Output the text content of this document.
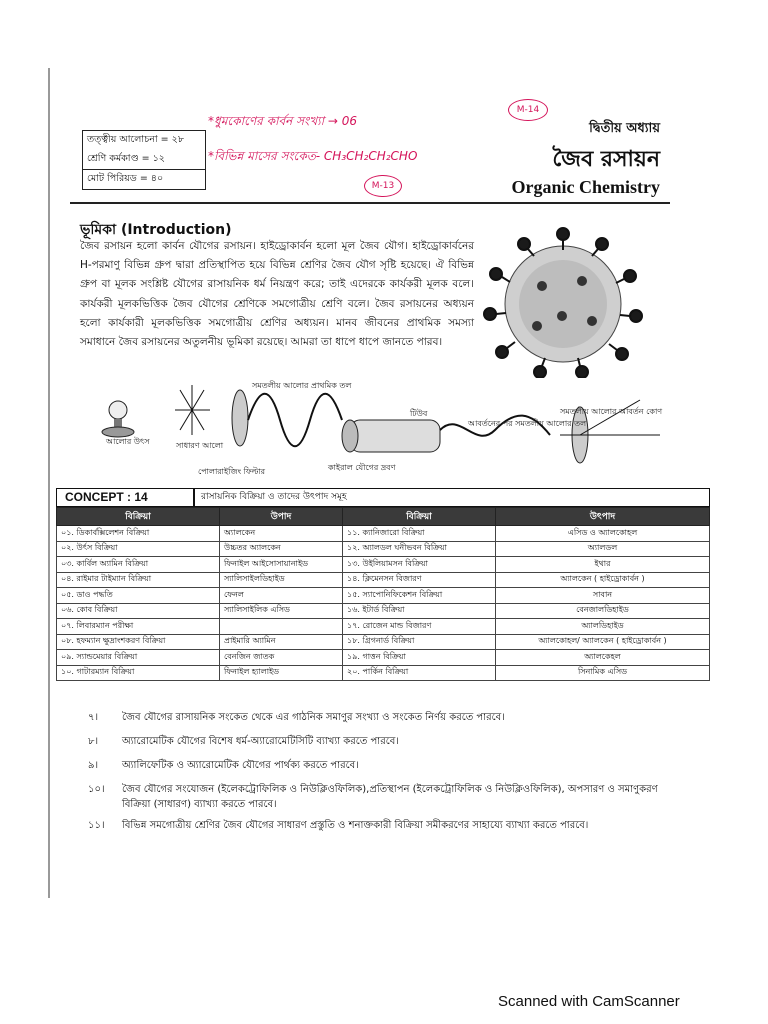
তত্ত্বীয় আলোচনা = ২৮
শ্রেণি কর্মকাণ্ড = ১২
মোট পিরিয়ড = ৪০
*ধুমকোণের কার্বন সংখ্যা → 06
*বিভিন্ন মাসের সংকেত- CH₃CH₂CH₂CHO
M-14
M-13
দ্বিতীয় অধ্যায়
জৈব রসায়ন
Organic Chemistry
ভূমিকা (Introduction)
জৈব রসায়ন হলো কার্বন যৌগের রসায়ন। হাইড্রোকার্বন হলো মূল জৈব যৌগ। হাইড্রোকার্বনের H-পরমাণু বিভিন্ন গ্রুপ দ্বারা প্রতিস্থাপিত হয়ে বিভিন্ন শ্রেণির জৈব যৌগ সৃষ্টি হয়েছে। ঐ বিভিন্ন গ্রুপ বা মূলক সংশ্লিষ্ট যৌগের রাসায়নিক ধর্ম নিয়ন্ত্রণ করে; তাই এদেরকে কার্যকরী মূলক বলে। কার্যকরী মূলকভিত্তিক জৈব যৌগের শ্রেণিকে সমগোত্রীয় শ্রেণি বলে। জৈব রসায়নের অধ্যয়ন হলো কার্যকারী মূলকভিত্তিক সমগোত্রীয় শ্রেণির অধ্যয়ন। মানব জীবনের প্রাথমিক সমস্যা সমাধানে জৈব রসায়নের অতুলনীয় ভূমিকা রয়েছে। আমরা তা ধাপে ধাপে জানতে পারব।
আলোর উৎস	সাধারণ আলো
পোলারাইজিং ফিল্টার
সমতলীয় আলোর প্রাথমিক তল
টিউব
কাইরাল যৌগের দ্রবণ
আবর্তনের পর সমতলীয় আলোর তল
সমতলীয় আলোর আবর্তন কোণ
CONCEPT : 14	রাসায়নিক বিক্রিয়া ও তাদের উৎপাদ সমূহ
বিক্রিয়া	উপাদ	বিক্রিয়া	উৎপাদ
০১. ডিকার্বক্সিলেশন বিক্রিয়া	অ্যালকেন	১১. ক্যানিজারো বিক্রিয়া	এসিড ও অ্যালকোহল
০২. উর্ৎস বিক্রিয়া	উচ্চতর অ্যালকেন	১২. অ্যালডল ঘনীভবন বিক্রিয়া	অ্যালডল
০৩. কার্বিল অ্যামিন বিক্রিয়া	ফিনাইল আইসোসায়ানাইড	১৩. উইলিয়ামসন বিক্রিয়া	ইথার
০৪. রাইমার টাইম্যান বিক্রিয়া	স্যালিসাইলডিহাইড	১৪. ক্লিমেনসন বিজারণ	অ্যালকেন ( হাইড্রোকার্বন )
০৫. ডাও পদ্ধতি	ফেনল	১৫. স্যাপোনিফিকেশন বিক্রিয়া	সাবান
০৬. কোব বিক্রিয়া	স্যালিসাইলিক এসিড	১৬. ইটার্ড বিক্রিয়া	বেনজালডিহাইড
০৭. লিবারম্যান পরীক্ষা		১৭. রোজেন মান্ড বিজারণ	অ্যালডিহাইড
০৮. হফম্যান ক্ষুদ্রাংশকরণ বিক্রিয়া	প্রাইমারি অ্যামিন	১৮. গ্রিগনার্ড বিক্রিয়া	অ্যালকোহল/ অ্যালকেন ( হাইড্রোকার্বন )
০৯. স্যান্ডমেয়ার বিক্রিয়া	বেনজিন জাতক	১৯. গাত্তন বিক্রিয়া	অ্যালকেহল
১০. গাটারম্যান বিক্রিয়া	ফিনাইল হ্যালাইড	২০. পার্কিন বিক্রিয়া	সিনামিক এসিড
৭।	জৈব যৌগের রাসায়নিক সংকেত থেকে এর গাঠনিক সমাণুর সংখ্যা ও সংকেত নির্ণয় করতে পারবে।
৮।	অ্যারোমেটিক যৌগের বিশেষ ধর্ম-অ্যারোমেটিসিটি ব্যাখ্যা করতে পারবে।
৯।	অ্যালিফেটিক ও অ্যারোমেটিক যৌগের পার্থক্য করতে পারবে।
১০।	জৈব যৌগের সংযোজন (ইলেকট্রোফিলিক ও নিউক্লিওফিলিক),প্রতিস্থাপন (ইলেকট্রোফিলিক ও নিউক্লিওফিলিক), অপসারণ ও সমাণুকরণ বিক্রিয়া (সাধারণ) ব্যাখ্যা করতে পারবে।
১১।	বিভিন্ন সমগোত্রীয় শ্রেণির জৈব যৌগের সাধারণ প্রস্তুতি ও শনাক্তকারী বিক্রিয়া সমীকরণের সাহায্যে ব্যাখ্যা করতে পারবে।
Scanned with CamScanner
